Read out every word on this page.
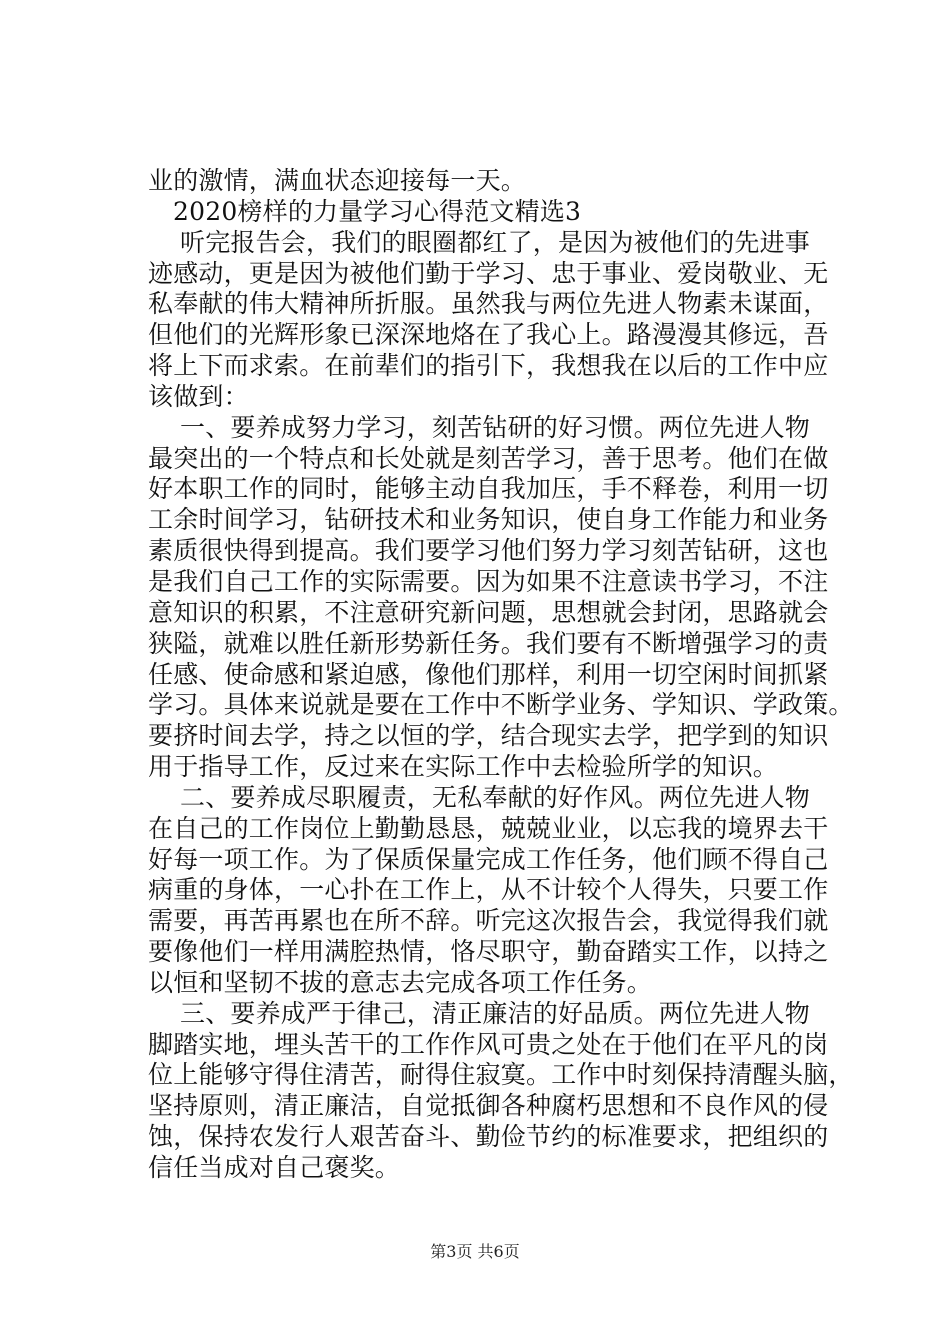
业的激情，满血状态迎接每一天。
2020榜样的力量学习心得范文精选3
听完报告会，我们的眼圈都红了，是因为被他们的先进事
迹感动，更是因为被他们勤于学习、忠于事业、爱岗敬业、无
私奉献的伟大精神所折服。虽然我与两位先进人物素未谋面，
但他们的光辉形象已深深地烙在了我心上。路漫漫其修远，吾
将上下而求索。在前辈们的指引下，我想我在以后的工作中应
该做到：
一、要养成努力学习，刻苦钻研的好习惯。两位先进人物
最突出的一个特点和长处就是刻苦学习，善于思考。他们在做
好本职工作的同时，能够主动自我加压，手不释卷，利用一切
工余时间学习，钻研技术和业务知识，使自身工作能力和业务
素质很快得到提高。我们要学习他们努力学习刻苦钻研，这也
是我们自己工作的实际需要。因为如果不注意读书学习，不注
意知识的积累，不注意研究新问题，思想就会封闭，思路就会
狭隘，就难以胜任新形势新任务。我们要有不断增强学习的责
任感、使命感和紧迫感，像他们那样，利用一切空闲时间抓紧
学习。具体来说就是要在工作中不断学业务、学知识、学政策。
要挤时间去学，持之以恒的学，结合现实去学，把学到的知识
用于指导工作，反过来在实际工作中去检验所学的知识。
二、要养成尽职履责，无私奉献的好作风。两位先进人物
在自己的工作岗位上勤勤恳恳，兢兢业业，以忘我的境界去干
好每一项工作。为了保质保量完成工作任务，他们顾不得自己
病重的身体，一心扑在工作上，从不计较个人得失，只要工作
需要，再苦再累也在所不辞。听完这次报告会，我觉得我们就
要像他们一样用满腔热情，恪尽职守，勤奋踏实工作，以持之
以恒和坚韧不拔的意志去完成各项工作任务。
三、要养成严于律己，清正廉洁的好品质。两位先进人物
脚踏实地，埋头苦干的工作作风可贵之处在于他们在平凡的岗
位上能够守得住清苦，耐得住寂寞。工作中时刻保持清醒头脑，
坚持原则，清正廉洁，自觉抵御各种腐朽思想和不良作风的侵
蚀，保持农发行人艰苦奋斗、勤俭节约的标准要求，把组织的
信任当成对自己褒奖。
第3页 共6页
